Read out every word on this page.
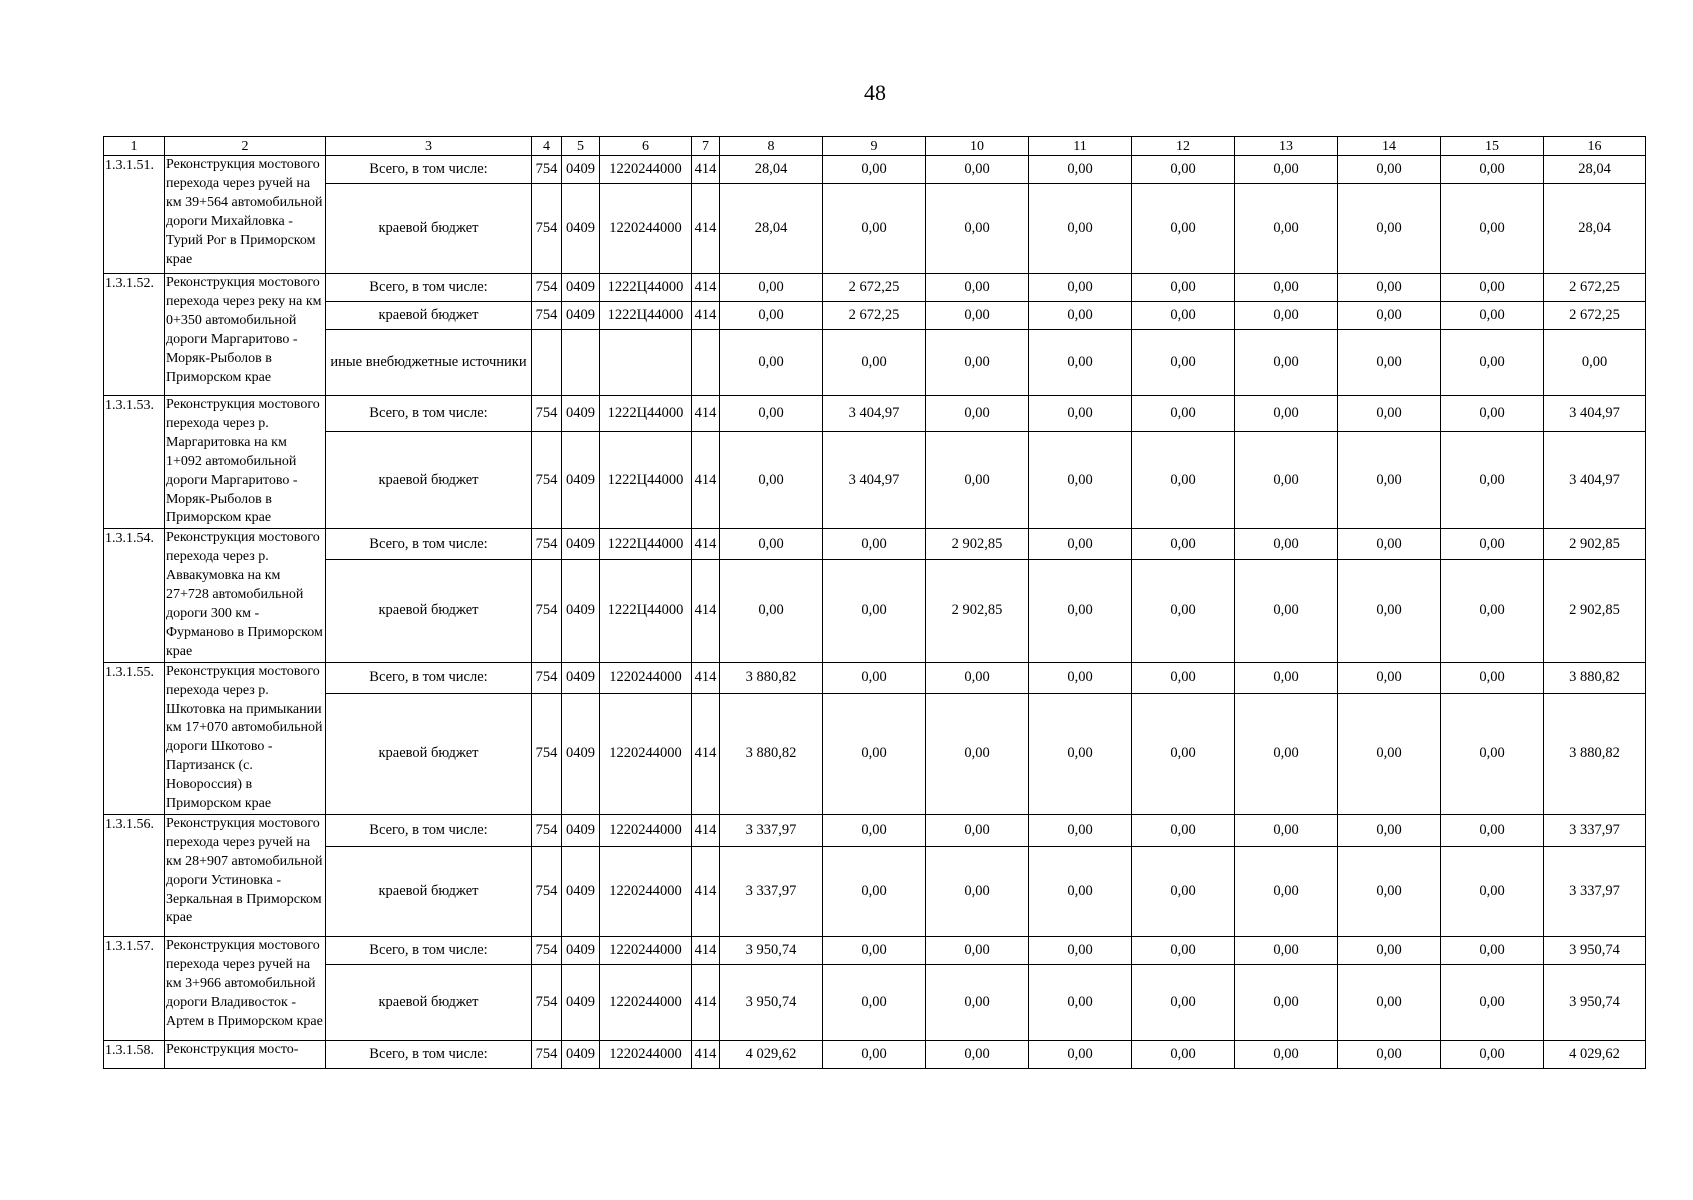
48
1	2	3	4	5	6	7	8	9	10	11	12	13	14	15	16
1.3.1.51.	Реконструкция мостового перехода через ручей на км 39+564 автомобильной дороги Михайловка - Турий Рог в Приморском крае	Всего, в том числе:	754	0409	1220244000	414	28,04	0,00	0,00	0,00	0,00	0,00	0,00	0,00	28,04
		краевой бюджет	754	0409	1220244000	414	28,04	0,00	0,00	0,00	0,00	0,00	0,00	0,00	28,04
1.3.1.52.	Реконструкция мостового перехода через реку на км 0+350 автомобильной дороги Маргаритово - Моряк-Рыболов в Приморском крае	Всего, в том числе:	754	0409	1222Ц44000	414	0,00	2 672,25	0,00	0,00	0,00	0,00	0,00	0,00	2 672,25
		краевой бюджет	754	0409	1222Ц44000	414	0,00	2 672,25	0,00	0,00	0,00	0,00	0,00	0,00	2 672,25
		иные внебюджетные источники					0,00	0,00	0,00	0,00	0,00	0,00	0,00	0,00	0,00
1.3.1.53.	Реконструкция мостового перехода через р. Маргаритовка на км 1+092 автомобильной дороги Маргаритово - Моряк-Рыболов в Приморском крае	Всего, в том числе:	754	0409	1222Ц44000	414	0,00	3 404,97	0,00	0,00	0,00	0,00	0,00	0,00	3 404,97
		краевой бюджет	754	0409	1222Ц44000	414	0,00	3 404,97	0,00	0,00	0,00	0,00	0,00	0,00	3 404,97
1.3.1.54.	Реконструкция мостового перехода через р. Аввакумовка на км 27+728 автомобильной дороги 300 км - Фурманово в Приморском крае	Всего, в том числе:	754	0409	1222Ц44000	414	0,00	0,00	2 902,85	0,00	0,00	0,00	0,00	0,00	2 902,85
		краевой бюджет	754	0409	1222Ц44000	414	0,00	0,00	2 902,85	0,00	0,00	0,00	0,00	0,00	2 902,85
1.3.1.55.	Реконструкция мостового перехода через р. Шкотовка на примыкании км 17+070 автомобильной дороги Шкотово - Партизанск (с. Новороссия) в Приморском крае	Всего, в том числе:	754	0409	1220244000	414	3 880,82	0,00	0,00	0,00	0,00	0,00	0,00	0,00	3 880,82
		краевой бюджет	754	0409	1220244000	414	3 880,82	0,00	0,00	0,00	0,00	0,00	0,00	0,00	3 880,82
1.3.1.56.	Реконструкция мостового перехода через ручей на км 28+907 автомобильной дороги Устиновка - Зеркальная в Приморском крае	Всего, в том числе:	754	0409	1220244000	414	3 337,97	0,00	0,00	0,00	0,00	0,00	0,00	0,00	3 337,97
		краевой бюджет	754	0409	1220244000	414	3 337,97	0,00	0,00	0,00	0,00	0,00	0,00	0,00	3 337,97
1.3.1.57.	Реконструкция мостового перехода через ручей на км 3+966 автомобильной дороги Владивосток - Артем в Приморском крае	Всего, в том числе:	754	0409	1220244000	414	3 950,74	0,00	0,00	0,00	0,00	0,00	0,00	0,00	3 950,74
		краевой бюджет	754	0409	1220244000	414	3 950,74	0,00	0,00	0,00	0,00	0,00	0,00	0,00	3 950,74
1.3.1.58.	Реконструкция мосто-	Всего, в том числе:	754	0409	1220244000	414	4 029,62	0,00	0,00	0,00	0,00	0,00	0,00	0,00	4 029,62
